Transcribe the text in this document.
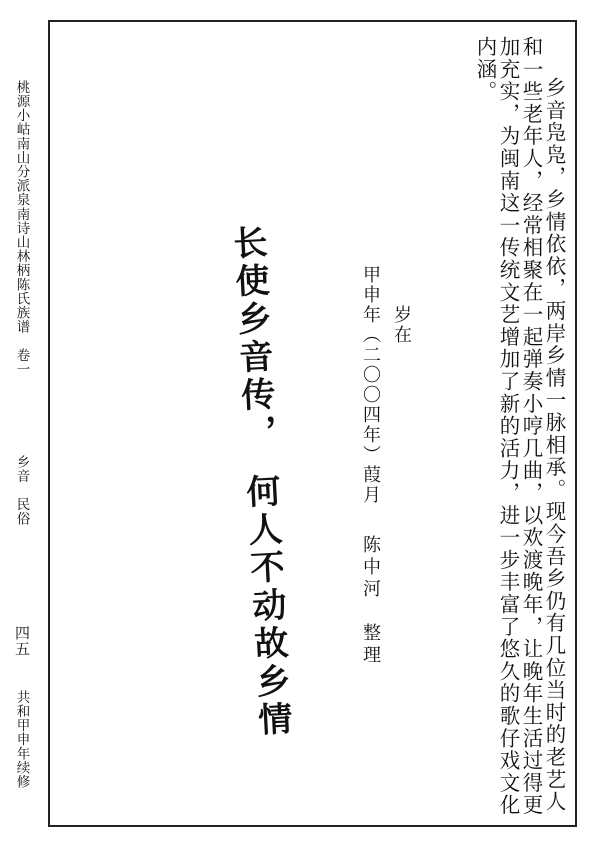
桃源小岵南山分派泉南诗山林柄陈氏族谱　卷一
乡音　民俗
四五
共和甲申年续修	乡音凫凫，乡情依依，两岸乡情一脉相承。现今吾乡仍有几位当时的老艺人和一些老年人，经常相聚在一起弹奏小哼几曲，以欢渡晚年，让晚年生活过得更加充实，为闽南这一传统文艺增加了新的活力，进一步丰富了悠久的歌仔戏文化内涵。
岁在
甲申年（二〇〇四年）葭月
陈中河　整理
长使乡音传，　何人不动故乡情
